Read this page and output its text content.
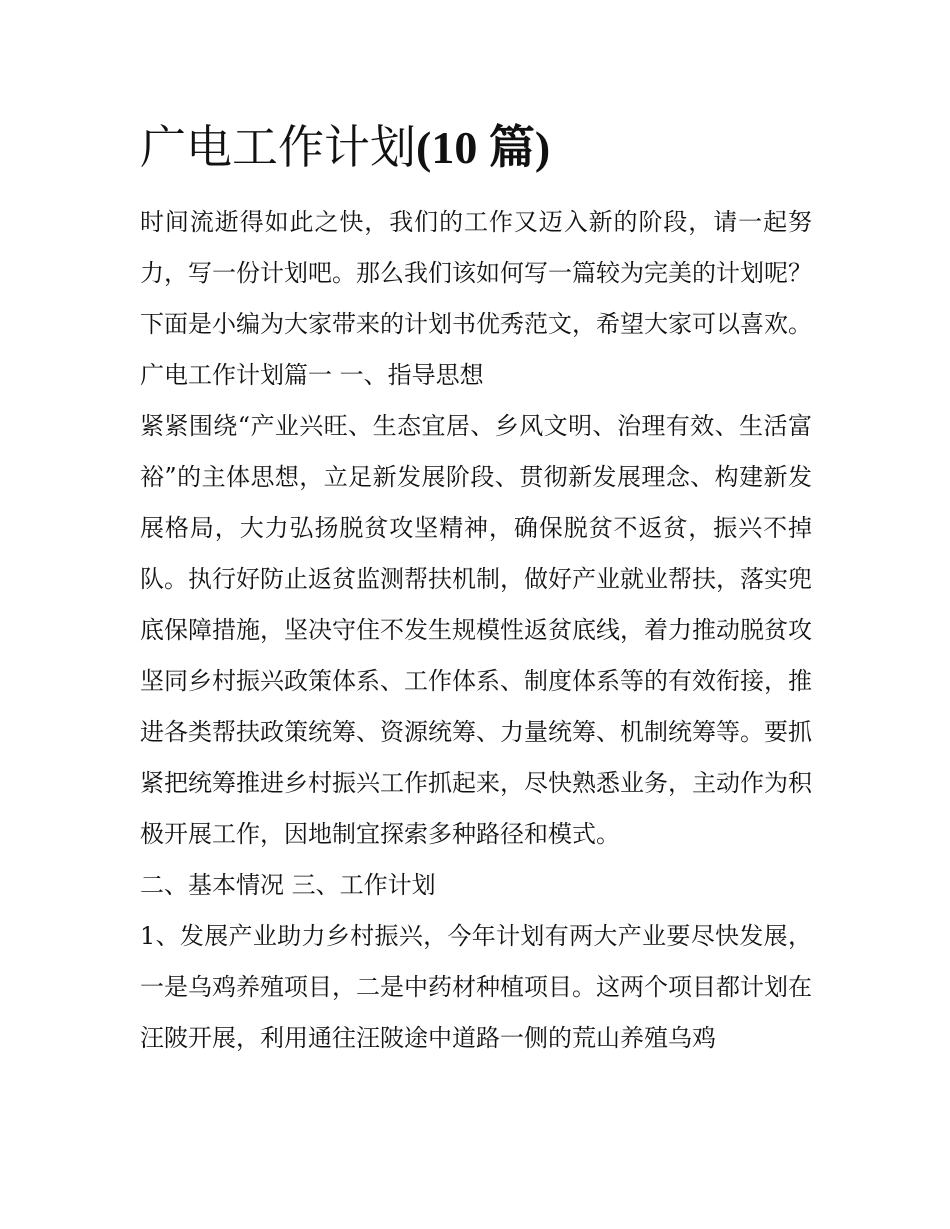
广电工作计划(10 篇)

时间流逝得如此之快，我们的工作又迈入新的阶段，请一起努力，写一份计划吧。那么我们该如何写一篇较为完美的计划呢？下面是小编为大家带来的计划书优秀范文，希望大家可以喜欢。

广电工作计划篇一 一、指导思想

紧紧围绕“产业兴旺、生态宜居、乡风文明、治理有效、生活富裕”的主体思想，立足新发展阶段、贯彻新发展理念、构建新发展格局，大力弘扬脱贫攻坚精神，确保脱贫不返贫，振兴不掉队。执行好防止返贫监测帮扶机制，做好产业就业帮扶，落实兜底保障措施，坚决守住不发生规模性返贫底线，着力推动脱贫攻坚同乡村振兴政策体系、工作体系、制度体系等的有效衔接，推进各类帮扶政策统筹、资源统筹、力量统筹、机制统筹等。要抓紧把统筹推进乡村振兴工作抓起来，尽快熟悉业务，主动作为积极开展工作，因地制宜探索多种路径和模式。

二、基本情况 三、工作计划

1、发展产业助力乡村振兴，今年计划有两大产业要尽快发展，一是乌鸡养殖项目，二是中药材种植项目。这两个项目都计划在汪陂开展，利用通往汪陂途中道路一侧的荒山养殖乌鸡
